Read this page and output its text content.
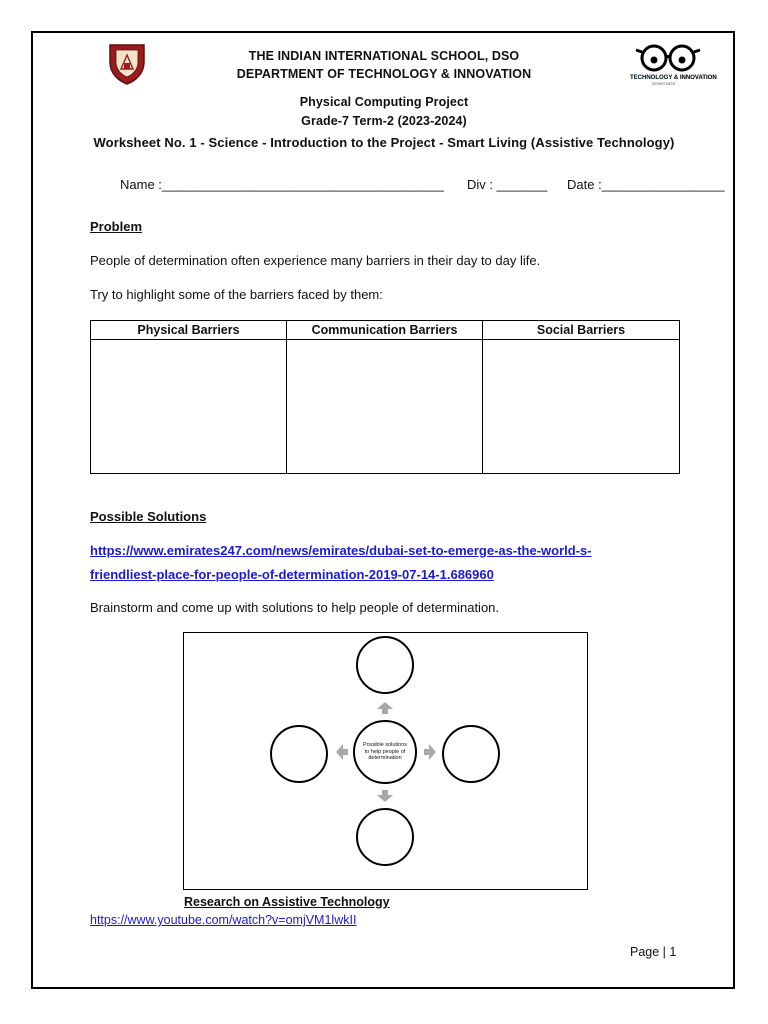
TECHNOLOGY & INNOVATION
DEPARTMENT
THE INDIAN INTERNATIONAL SCHOOL, DSO
DEPARTMENT OF TECHNOLOGY & INNOVATION
Physical Computing Project
Grade-7 Term-2 (2023-2024)
Worksheet No. 1 - Science - Introduction to the Project - Smart Living (Assistive Technology)
Name :_______________________________________ Div : _______ Date :_________________
Problem
People of determination often experience many barriers in their day to day life.
Try to highlight some of the barriers faced by them:
Physical Barriers	Communication Barriers	Social Barriers

Possible Solutions
https://www.emirates247.com/news/emirates/dubai-set-to-emerge-as-the-world-s-
friendliest-place-for-people-of-determination-2019-07-14-1.686960
Brainstorm and come up with solutions to help people of determination.
Possible solutions to help people of determination
Research on Assistive Technology
https://www.youtube.com/watch?v=omjVM1lwkII
Page | 1
